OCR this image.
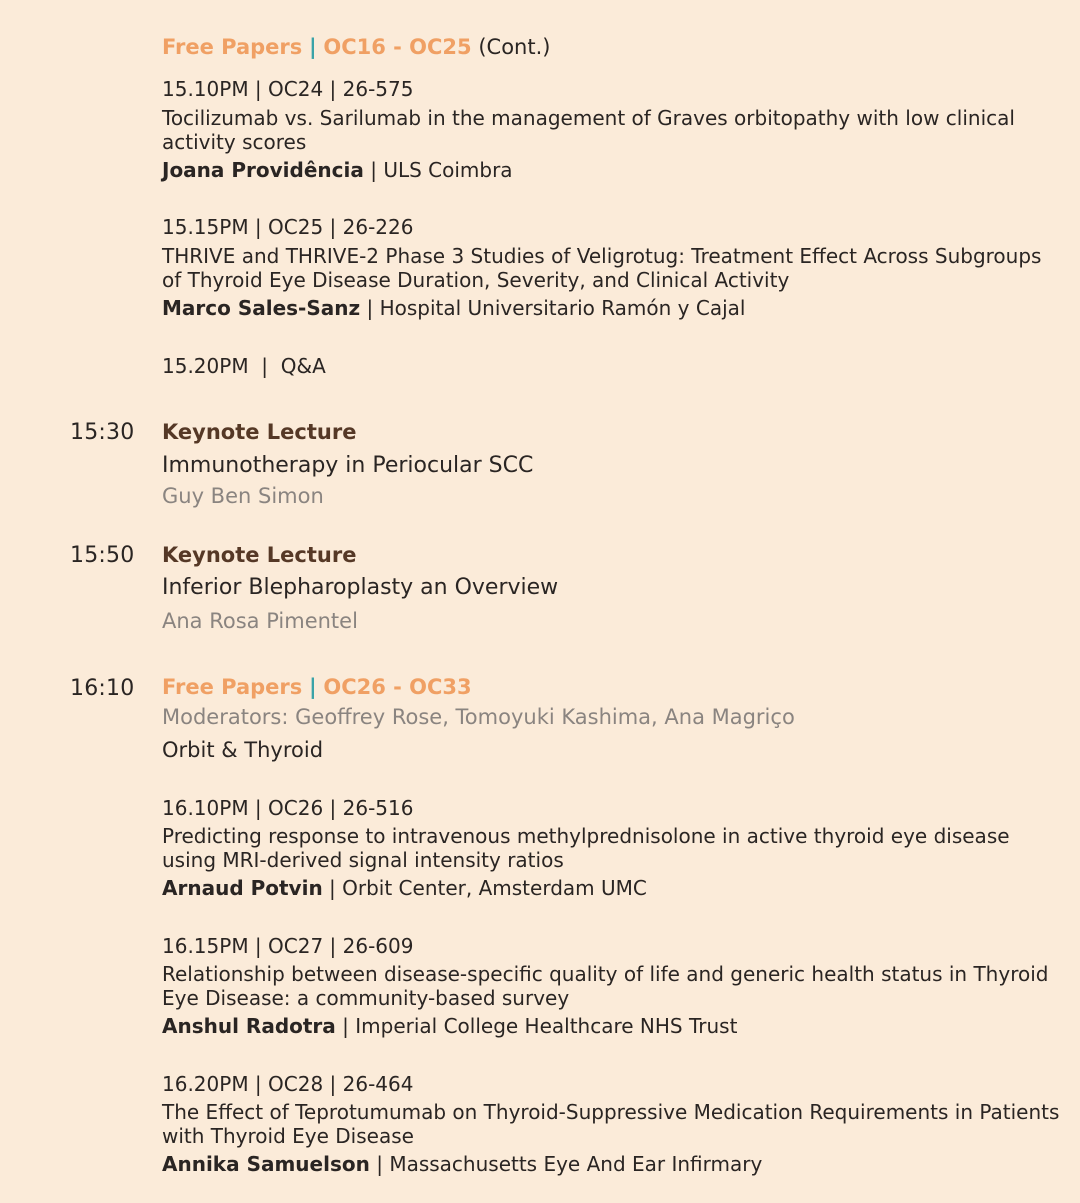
Free Papers | OC16 - OC25 (Cont.)
15.10PM | OC24 | 26-575
Tocilizumab vs. Sarilumab in the management of Graves orbitopathy with low clinical activity scores
Joana Providência | ULS Coimbra
15.15PM | OC25 | 26-226
THRIVE and THRIVE-2 Phase 3 Studies of Veligrotug: Treatment Effect Across Subgroups of Thyroid Eye Disease Duration, Severity, and Clinical Activity
Marco Sales-Sanz | Hospital Universitario Ramón y Cajal
15.20PM  |  Q&A
15:30 Keynote Lecture
Immunotherapy in Periocular SCC
Guy Ben Simon
15:50 Keynote Lecture
Inferior Blepharoplasty an Overview
Ana Rosa Pimentel
16:10 Free Papers | OC26 - OC33
Moderators: Geoffrey Rose, Tomoyuki Kashima, Ana Magriço
Orbit & Thyroid
16.10PM | OC26 | 26-516
Predicting response to intravenous methylprednisolone in active thyroid eye disease using MRI-derived signal intensity ratios
Arnaud Potvin | Orbit Center, Amsterdam UMC
16.15PM | OC27 | 26-609
Relationship between disease-specific quality of life and generic health status in Thyroid Eye Disease: a community-based survey
Anshul Radotra | Imperial College Healthcare NHS Trust
16.20PM | OC28 | 26-464
The Effect of Teprotumumab on Thyroid-Suppressive Medication Requirements in Patients with Thyroid Eye Disease
Annika Samuelson | Massachusetts Eye And Ear Infirmary
